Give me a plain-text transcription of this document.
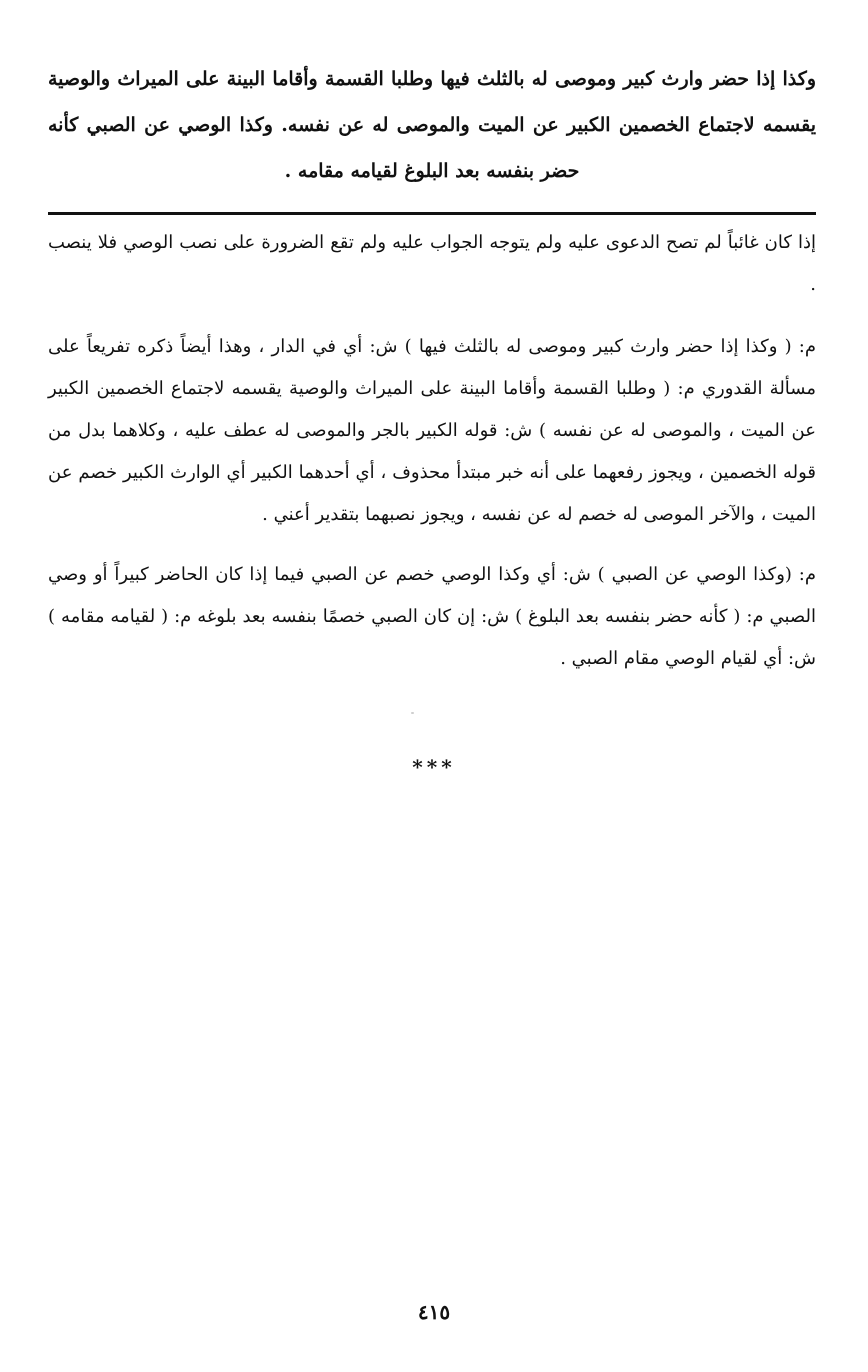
وكذا إذا حضر وارث كبير وموصى له بالثلث فيها وطلبا القسمة وأقاما البينة على الميراث والوصية يقسمه لاجتماع الخصمين الكبير عن الميت والموصى له عن نفسه. وكذا الوصي عن الصبي كأنه حضر بنفسه بعد البلوغ لقيامه مقامه .

إذا كان غائباً لم تصح الدعوى عليه ولم يتوجه الجواب عليه ولم تقع الضرورة على نصب الوصي فلا ينصب .

م: ( وكذا إذا حضر وارث كبير وموصى له بالثلث فيها ) ش: أي في الدار ، وهذا أيضاً ذكره تفريعاً على مسألة القدوري م: ( وطلبا القسمة وأقاما البينة على الميراث والوصية يقسمه لاجتماع الخصمين الكبير عن الميت ، والموصى له عن نفسه ) ش: قوله الكبير بالجر والموصى له عطف عليه ، وكلاهما بدل من قوله الخصمين ، ويجوز رفعهما على أنه خبر مبتدأ محذوف ، أي أحدهما الكبير أي الوارث الكبير خصم عن الميت ، والآخر الموصى له خصم له عن نفسه ، ويجوز نصبهما بتقدير أعني .

م: (وكذا الوصي عن الصبي ) ش: أي وكذا الوصي خصم عن الصبي فيما إذا كان الحاضر كبيراً أو وصي الصبي م: ( كأنه حضر بنفسه بعد البلوغ ) ش: إن كان الصبي خصمًا بنفسه بعد بلوغه م: ( لقيامه مقامه ) ش: أي لقيام الوصي مقام الصبي .

***
٤١٥
